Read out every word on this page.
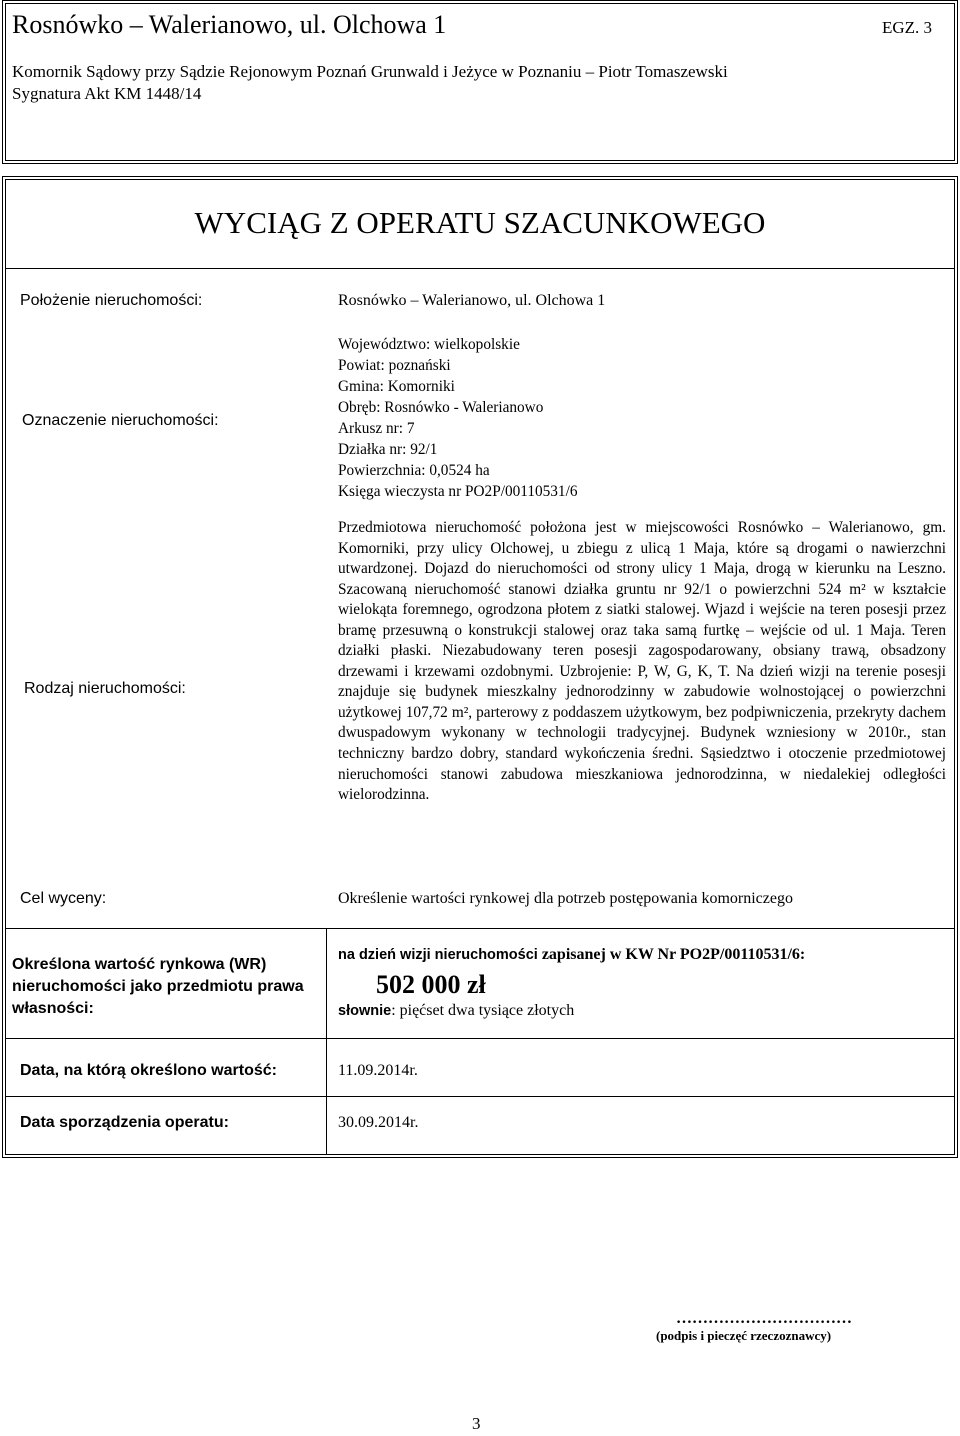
Rosnówko – Walerianowo, ul. Olchowa 1	EGZ. 3
Komornik Sądowy przy Sądzie Rejonowym Poznań Grunwald i Jeżyce w Poznaniu – Piotr Tomaszewski
Sygnatura Akt KM 1448/14
WYCIĄG Z OPERATU SZACUNKOWEGO
Położenie nieruchomości:	Rosnówko – Walerianowo, ul. Olchowa 1
Oznaczenie nieruchomości:
Województwo: wielkopolskie
Powiat: poznański
Gmina: Komorniki
Obręb: Rosnówko - Walerianowo
Arkusz nr: 7
Działka nr: 92/1
Powierzchnia: 0,0524 ha
Księga wieczysta nr PO2P/00110531/6
Rodzaj nieruchomości:

Przedmiotowa nieruchomość położona jest w miejscowości Rosnówko – Walerianowo, gm. Komorniki, przy ulicy Olchowej, u zbiegu z ulicą 1 Maja, które są drogami o nawierzchni utwardzonej. Dojazd do nieruchomości od strony ulicy 1 Maja, drogą w kierunku na Leszno. Szacowaną nieruchomość stanowi działka gruntu nr 92/1 o powierzchni 524 m² w kształcie wielokąta foremnego, ogrodzona płotem z siatki stalowej. Wjazd i wejście na teren posesji przez bramę przesuwną o konstrukcji stalowej oraz taka samą furtkę – wejście od ul. 1 Maja. Teren działki płaski. Niezabudowany teren posesji zagospodarowany, obsiany trawą, obsadzony drzewami i krzewami ozdobnymi. Uzbrojenie: P, W, G, K, T. Na dzień wizji na terenie posesji znajduje się budynek mieszkalny jednorodzinny w zabudowie wolnostojącej o powierzchni użytkowej 107,72 m², parterowy z poddaszem użytkowym, bez podpiwniczenia, przekryty dachem dwuspadowym wykonany w technologii tradycyjnej. Budynek wzniesiony w 2010r., stan techniczny bardzo dobry, standard wykończenia średni. Sąsiedztwo i otoczenie przedmiotowej nieruchomości stanowi zabudowa mieszkaniowa jednorodzinna, w niedalekiej odległości wielorodzinna.

Cel wyceny:	Określenie wartości rynkowej dla potrzeb postępowania komorniczego
Określona wartość rynkowa (WR)
nieruchomości jako przedmiotu prawa
własności:
na dzień wizji nieruchomości zapisanej w KW Nr PO2P/00110531/6:
502 000 zł
słownie: pięćset dwa tysiące złotych
Data, na którą określono wartość:	11.09.2014r.
Data sporządzenia operatu:	30.09.2014r.
……………………………
(podpis i pieczęć rzeczoznawcy)
3
